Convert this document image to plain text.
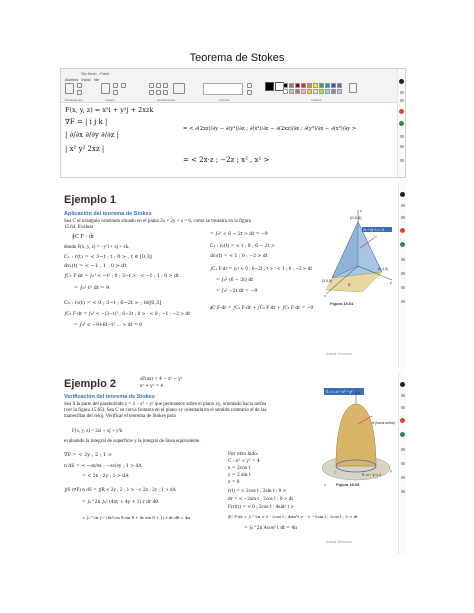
Teorema de Stokes
Sin título - Paint
Archivo Inicio Ver
Portapapeles	Imagen	Herramientas	Formas	Colores
F(x, y, z) = x²i + y²j + 2xzk
∇F = | i j k |
| ∂/∂x ∂/∂y ∂/∂z |
| x² y² 2xz |
= < ∂(2xz)/∂y − ∂(y²)/∂z ; ∂(x²)/∂z − ∂(2xz)/∂x ; ∂(y²)/∂x − ∂(x²)/∂y >
= < 2x·z ; −2z ; x² , x² >
Ejemplo 1
Aplicación del teorema de Stokes
Sea C el triángulo orientado situado en el plano 2x + 2y + z = 6, como se muestra en la figura 15.64. Evaluar
∮C F · dr
donde F(x, y, z) = −y²i + zj + xk.
C₁ : r(t) = < 3−t ; t ; 0 > , t ∈ [0,3]
dr₁(t) = < −1 , 1 , 0 > dt
∫C₁ F·dr = ∫₀³ < −t² ; 0 ; 3−t > · < −1 ; 1 ; 0 > dt
= ∫₀³ t² dt = 9
C₃ : r₃(t) = < 0 ; 3−t ; 6−2t > ; t∈[0,3]
∫C₃ F·dr = ∫₀³ < −(3−t)² ; 6−2t ; 0 > · < 0 ; −1 ; −2 > dt
= ∫₀³ < −9+6t−t² ... > dt = 0
= ∫₀³ < 6 − 2t > dt = −9
C₂ : r₂(t) = < t ; 0 ; 6 − 2t >
dr₂(t) = < 1 ; 0 ; −2 > dt
∫C₂ F·dr = ∫₀³ < 0 ; 6−2t ; t > · < 1 ; 0 ; −2 > dt
= ∫₀³ (6 − 2t) dt
= ∫₀³ −2t dt = −9
∮C F·dr = ∫C₁ F·dr + ∫C₂ F·dr + ∫C₃ F·dr = −9
(0,0,6)
2x + 2y + z = 6
(3,0,0)
(0,3,0)
x
y
z
N
R
Figura 15.64
Activar Windows
Ejemplo 2	∂F(xx) = 4 − x² − y²
x² + y² = 4
Verificación del teorema de Stokes
Sea S la parte del paraboloide z = 4 − x² − y² que permanece sobre el plano xy, orientado hacia arriba (ver la figura 15.65). Sea C su curva frontera en el plano xy orientada en el sentido contrario al de las manecillas del reloj. Verificar el teorema de Stokes para
F(x, y, z) = 2zi + xj + y²k
evaluando la integral de superficie y la integral de línea equivalente.
∇F = < 2y ; 2 ; 1 >
n dS = < −∂z/∂x ; −∂z/∂y ; 1 > dA
= < 2x ; 2y ; 1 > dA
∬S (∇F)·n dS = ∬R < 2y ; 2 ; 1 > · < 2x ; 2y ; 1 > dA
= ∫₀^2π ∫₀² (4xy + 4y + 1) r dr dθ
= ∫₀^2π ∫₀² (4r²cos θ sin θ + 4r sin θ + 1) r dr dθ = 4π
Por otro lado:
C : x² + y² = 4
x = 2cos t
y = 2 sin t
z = 0
r(t) = < 2cos t ; 2sin t ; 0 >
dr = < −2sin t ; 2cos t ; 0 > dt
F(r(t)) = < 0 ; 2cos t ; 4sin² t >
∮C F·dr = ∫₀^2π < 0 ; 2cos t ; 4sin²t > · < −2sin t ; 2cos t ; 0 > dt
= ∫₀^2π 4cos² t dt = 4π
S: z = 4 − x² − y²
N (hacia arriba)
R: x² + y² ≤ 4
C
x
y
z
Figura 15.65
Activar Windows
